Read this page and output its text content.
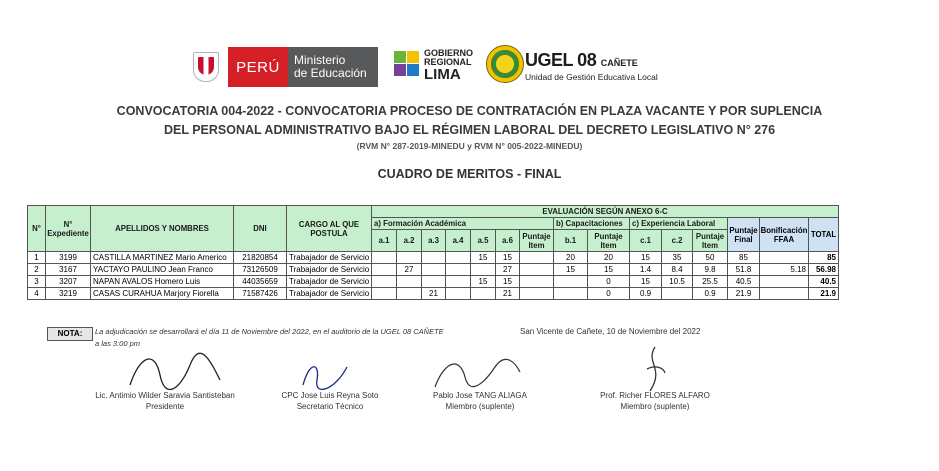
PERÚ Ministerio
de Educación
GOBIERNO
REGIONAL
LIMA
UGEL 08 CAÑETE
Unidad de Gestión Educativa Local
CONVOCATORIA 004-2022 - CONVOCATORIA PROCESO DE CONTRATACIÓN EN PLAZA VACANTE Y POR SUPLENCIA
DEL PERSONAL ADMINISTRATIVO BAJO EL RÉGIMEN LABORAL DEL DECRETO LEGISLATIVO N° 276
(RVM N° 287-2019-MINEDU y RVM N° 005-2022-MINEDU)
CUADRO DE MERITOS - FINAL
N°	N° Expediente	APELLIDOS Y NOMBRES	DNI	CARGO AL QUE POSTULA	EVALUACIÓN SEGÚN ANEXO 6-C														
					a) Formación Académica							b) Capacitaciones		c) Experiencia Laboral			Puntaje Final	Bonificación FFAA	TOTAL
					a.1	a.2	a.3	a.4	a.5	a.6	Puntaje Item	b.1	Puntaje Item	c.1	c.2	Puntaje Item			
1	3199	CASTILLA MARTINEZ Mario Americo	21820854	Trabajador de Servicio					15	15		20	20	15	35	50	85		85
2	3167	YACTAYO PAULINO Jean Franco	73126509	Trabajador de Servicio		27				27		15	15	1.4	8.4	9.8	51.8	5.18	56.98
3	3207	NAPAN AVALOS Homero Luis	44035659	Trabajador de Servicio					15	15			0	15	10.5	25.5	40.5		40.5
4	3219	CASAS CURAHUA Marjory Fiorella	71587426	Trabajador de Servicio			21			21			0	0.9		0.9	21.9		21.9
NOTA:	La adjudicación se desarrollará el día 11 de Noviembre del 2022, en el auditorio de la UGEL 08 CAÑETE
a las 3:00 pm
San Vicente de Cañete, 10 de Noviembre del 2022
Lic. Antimio Wilder Saravia Santisteban
Presidente
CPC Jose Luis Reyna Soto
Secretario Técnico
Pablo Jose TANG ALIAGA
Miembro (suplente)
Prof. Richer FLORES ALFARO
Miembro (suplente)
